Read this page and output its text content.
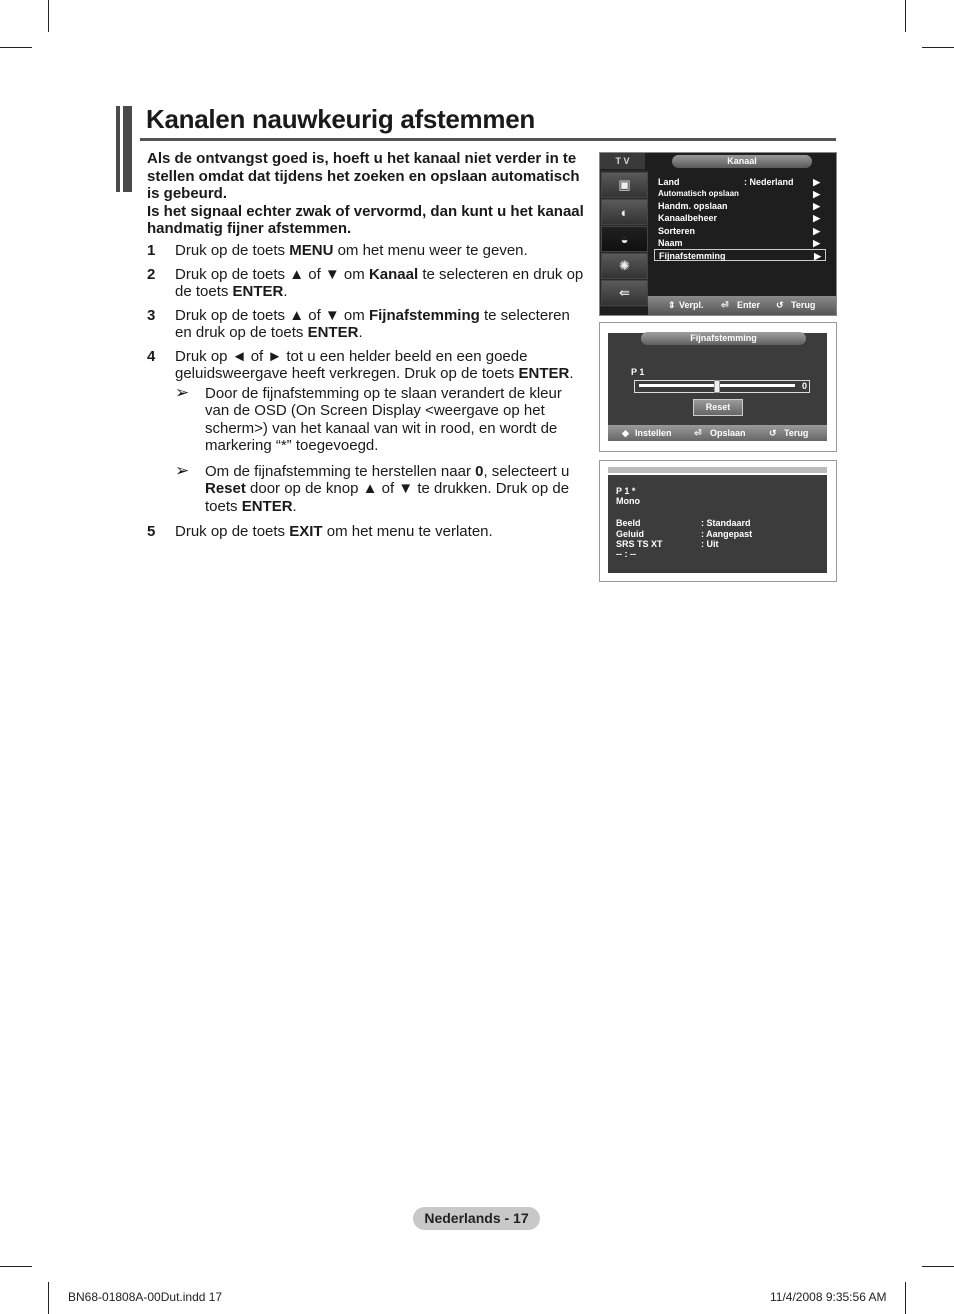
Kanalen nauwkeurig afstemmen
Als de ontvangst goed is, hoeft u het kanaal niet verder in te stellen omdat dat tijdens het zoeken en opslaan automatisch is gebeurd.
Is het signaal echter zwak of vervormd, dan kunt u het kanaal handmatig fijner afstemmen.
1 Druk op de toets MENU om het menu weer te geven.
2 Druk op de toets ▲ of ▼ om Kanaal te selecteren en druk op de toets ENTER.
3 Druk op de toets ▲ of ▼ om Fijnafstemming te selecteren en druk op de toets ENTER.
4 Druk op ◄ of ► tot u een helder beeld en een goede geluidsweergave heeft verkregen. Druk op de toets ENTER.
➢ Door de fijnafstemming op te slaan verandert de kleur van de OSD (On Screen Display <weergave op het scherm>) van het kanaal van wit in rood, en wordt de markering “*” toegevoegd.
➢ Om de fijnafstemming te herstellen naar 0, selecteert u Reset door op de knop ▲ of ▼ te drukken. Druk op de toets ENTER.
5 Druk op de toets EXIT om het menu te verlaten.
T V	Kanaal
▣
◐
◒
✺
⇚
Land	: Nederland ▶
Automatisch opslaan	▶
Handm. opslaan	▶
Kanaalbeheer	▶
Sorteren	▶
Naam	▶
Fijnafstemming	▶
⇕ Verpl. ⏎ Enter ↺ Terug
Fijnafstemming
P 1
0
Reset
◆ Instellen ⏎ Opslaan	↺ Terug
P 1 *
Mono
Beeld	: Standaard
Geluid	: Aangepast
SRS TS XT	: Uit
-- : --
Nederlands - 17
BN68-01808A-00Dut.indd 17	11/4/2008 9:35:56 AM
